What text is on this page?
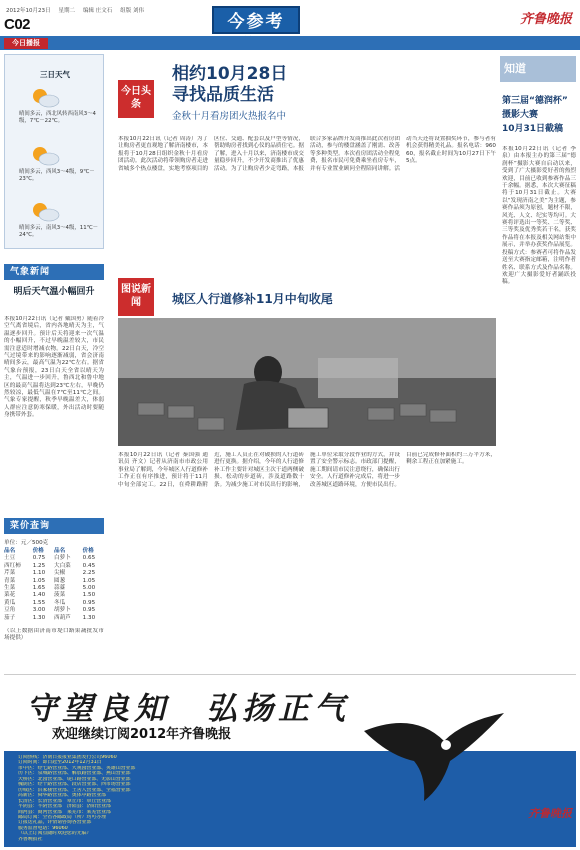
2012年10月23日 星期二 编辑 庄文石 组版 刘伟
C02	今参考	齐鲁晚报
今日播报
三日天气
晴间多云，西北风转西南风3～4级，7℃－22℃。
晴间多云，西风3～4级，9℃－23℃。
晴间多云，南风3～4级，11℃－24℃。
气象新闻
明后天气温小幅回升
本报10月22日讯（记者 戴国勇）随着冷空气离省境后，省内各地晴天为主，气温逐步回升。预计后天将迎来一次气温的小幅回升，不过早晚温差较大，市民需注意适时增减衣物。22日白天，冷空气过境带来的影响逐渐减弱，省会济南晴间多云，最高气温为22℃左右。据省气象台预报，23日白天全省以晴天为主，气温进一步回升，鲁西北和鲁中地区的最高气温将达到23℃左右，早晚仍然较凉，最低气温在7℃至11℃之间。气象专家提醒，秋季早晚温差大，体弱人群应注意防寒保暖，外出活动时要随身携带外套。
菜价查询
单位：元／500克
品名	价格	品名	价格
土豆	0.75	白萝卜	0.65
西红柿	1.25	大白菜	0.45
芹菜	1.10	尖椒	2.25
青菜	1.05	圆葱	1.05
生菜	1.65	蒜薹	5.00
菜花	1.40	菠菜	1.50
黄瓜	1.55	冬瓜	0.95
豆角	3.00	胡萝卜	0.95
茄子	1.30	西葫芦	1.30
（以上数据由济南市堤口路果蔬批发市场提供）
今日头条
相约10月28日
寻找品质生活
金秋十月看房团火热报名中
本报10月22日讯（记者 周涛）为了让购房者更直观地了解济南楼市，本报将于10月28日组织金秋十月看房团活动。此次活动将带领购房者走进省城多个热点楼盘，实地考察项目的区位、交通、配套以及户型等情况，帮助购房者找到心仪的品质住宅。据了解，进入十月以来，济南楼市成交量稳步回升，不少开发商推出了优惠活动。为了让购房者少走弯路，本报联合多家品牌开发商推出此次看房团活动，参与的楼盘涵盖了刚需、改善等多种类型。本次看房团活动全程免费，报名市民可免费乘坐看房专车，并有专业置业顾问全程陪同讲解。活动当天还将设置抽奖环节，参与者有机会获得精美礼品。报名电话：96060，报名截止时间为10月27日下午5点。
图说新闻	城区人行道修补11月中旬收尾
本报10月22日讯（记者 秦国强 通讯员 齐文）记者从济南市市政公用事业局了解到，今年城区人行道修补工作正在有序推进，预计将于11月中旬全部完工。22日，在舜耕路附近，施工人员正在对破损的人行道砖进行更换。据介绍，今年的人行道修补工作主要针对城区主次干道两侧破损、松动的步道砖，涉及道路数十条。为减少施工对市民出行的影响，施工单位采取分段作业的方式，并设置了安全警示标志。市政部门提醒，施工期间请市民注意绕行，确保出行安全。人行道修补完成后，将进一步改善城区道路环境，方便市民出行。目前已完成修补面积约三万平方米，剩余工程正在加紧施工。
知道
第三届“德润杯”
摄影大赛
10月31日截稿
本报10月22日讯（记者 李泉）由本报主办的第三届“德润杯”摄影大赛自启动以来，受到了广大摄影爱好者的热烈欢迎，目前已收到参赛作品三千余幅。据悉，本次大赛征稿将于10月31日截止。大赛以“发现济南之美”为主题，参赛作品须为原创，题材不限，风光、人文、纪实等均可。大赛将评选出一等奖、二等奖、三等奖及优秀奖若干名，获奖作品将在本报及相关网站集中展示，并举办获奖作品展览。投稿方式：参赛者可将作品发送至大赛指定邮箱，注明作者姓名、联系方式及作品名称。欢迎广大摄影爱好者踊跃投稿。
守望良知　弘扬正气
欢迎继续订阅2012年齐鲁晚报
订阅热线：济南日报报业集团发行公司96060
订阅时间：即日起至2012年12月31日
市中区：经七路营业部、大观园营业部、英雄山营业部
历下区：泉城路营业部、解放路营业部、燕山营业部
天桥区：北园营业部、堤口路营业部、无影山营业部
槐荫区：经十路营业部、段店营业部、西市场营业部
历城区：洪家楼营业部、王舍人营业部、全福营业部
高新区：舜华路营业部、奥体中路营业部
长清区：长清营业部　章丘市：章丘营业部
平阴县：平阴营业部　济阳县：济阳营业部
商河县：商河营业部　莱芜市：莱芜营业部
邮局订阅：全省各邮政局（所）均可办理
订报送礼品，详情请咨询各营业部
服务监督电话：96060
（以上订阅点随时欢迎您的光临）
齐鲁晚报社
齐鲁晚报
